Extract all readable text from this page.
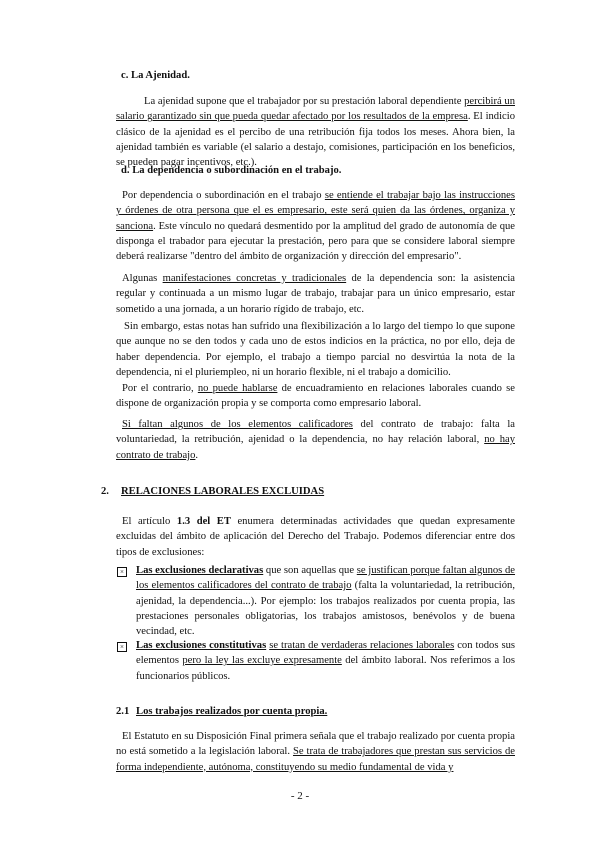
c. La Ajenidad.

La ajenidad supone que el trabajador por su prestación laboral dependiente percibirá un salario garantizado sin que pueda quedar afectado por los resultados de la empresa. El indicio clásico de la ajenidad es el percibo de una retribución fija todos los meses. Ahora bien, la ajenidad también es variable (el salario a destajo, comisiones, participación en los beneficios, se pueden pagar incentivos, etc.).

d. La dependencia o subordinación en el trabajo.

Por dependencia o subordinación en el trabajo se entiende el trabajar bajo las instrucciones y órdenes de otra persona que el es empresario, este será quien da las órdenes, organiza y sanciona. Este vínculo no quedará desmentido por la amplitud del grado de autonomía de que disponga el trabador para ejecutar la prestación, pero para que se considere laboral siempre deberá realizarse "dentro del ámbito de organización y dirección del empresario".

Algunas manifestaciones concretas y tradicionales de la dependencia son: la asistencia regular y continuada a un mismo lugar de trabajo, trabajar para un único empresario, estar sometido a una jornada, a un horario rígido de trabajo, etc.

Sin embargo, estas notas han sufrido una flexibilización a lo largo del tiempo lo que supone que aunque no se den todos y cada uno de estos indicios en la práctica, no por ello, deja de haber dependencia. Por ejemplo, el trabajo a tiempo parcial no desvirtúa la nota de la dependencia, ni el pluriempleo, ni un horario flexible, ni el trabajo a domicilio.

Por el contrario, no puede hablarse de encuadramiento en relaciones laborales cuando se dispone de organización propia y se comporta como empresario laboral.

Si faltan algunos de los elementos calificadores del contrato de trabajo: falta la voluntariedad, la retribución, ajenidad o la dependencia, no hay relación laboral, no hay contrato de trabajo.

2. RELACIONES LABORALES EXCLUIDAS

El artículo 1.3 del ET enumera determinadas actividades que quedan expresamente excluidas del ámbito de aplicación del Derecho del Trabajo. Podemos diferenciar entre dos tipos de exclusiones:

× Las exclusiones declarativas que son aquellas que se justifican porque faltan algunos de los elementos calificadores del contrato de trabajo (falta la voluntariedad, la retribución, ajenidad, la dependencia...). Por ejemplo: los trabajos realizados por cuenta propia, las prestaciones personales obligatorias, los trabajos amistosos, benévolos y de buena vecindad, etc.

× Las exclusiones constitutivas se tratan de verdaderas relaciones laborales con todos sus elementos pero la ley las excluye expresamente del ámbito laboral. Nos referimos a los funcionarios públicos.

2.1 Los trabajos realizados por cuenta propia.

El Estatuto en su Disposición Final primera señala que el trabajo realizado por cuenta propia no está sometido a la legislación laboral. Se trata de trabajadores que prestan sus servicios de forma independiente, autónoma, constituyendo su medio fundamental de vida y

- 2 -
